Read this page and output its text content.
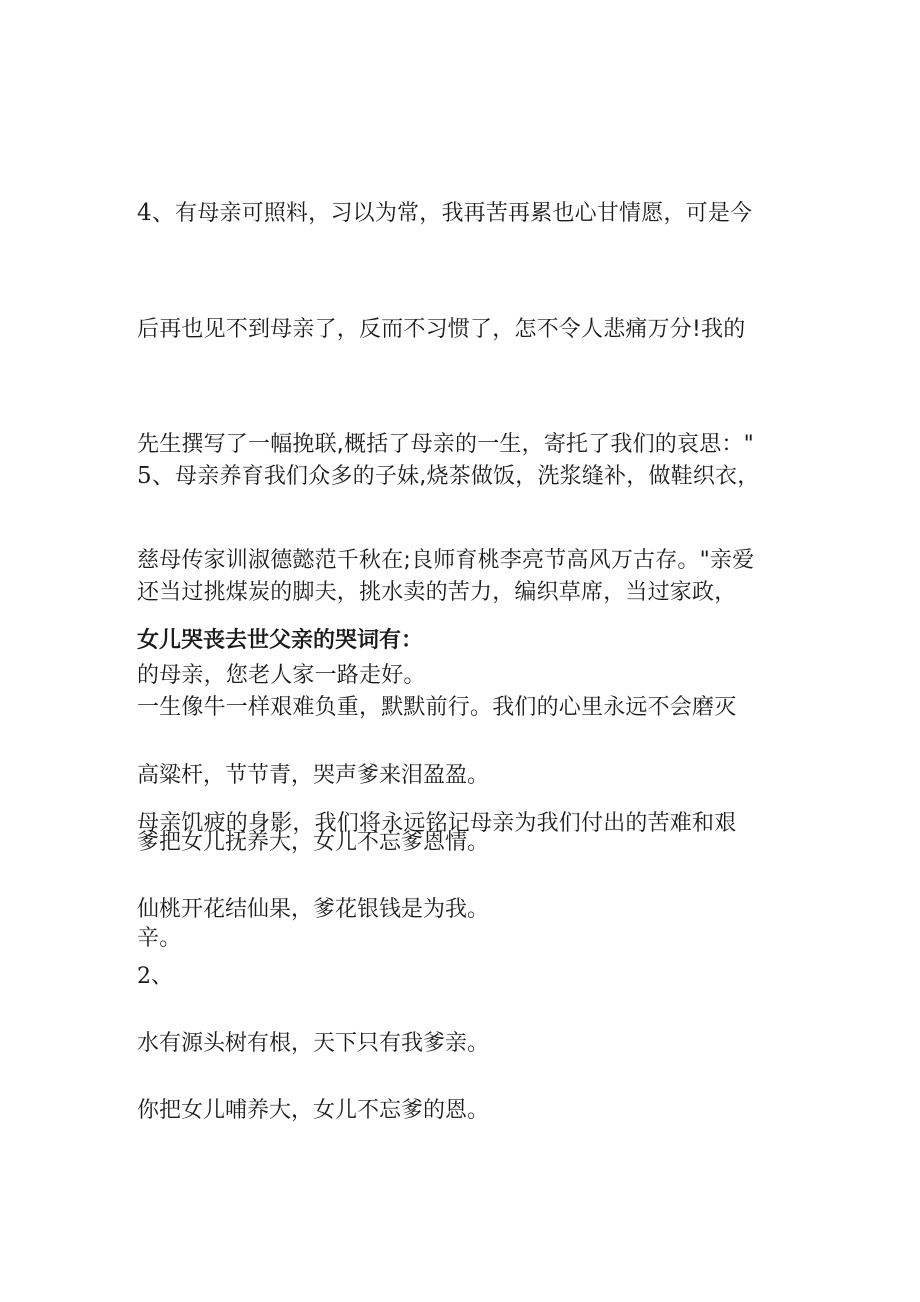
4、有母亲可照料，习以为常，我再苦再累也心甘情愿，可是今

后再也见不到母亲了，反而不习惯了，怎不令人悲痛万分!我的

先生撰写了一幅挽联,概括了母亲的一生，寄托了我们的哀思："

慈母传家训淑德懿范千秋在;良师育桃李亮节高风万古存。"亲爱

的母亲，您老人家一路走好。

5、母亲养育我们众多的子妹,烧茶做饭，洗浆缝补，做鞋织衣，

还当过挑煤炭的脚夫，挑水卖的苦力，编织草席，当过家政，

一生像牛一样艰难负重，默默前行。我们的心里永远不会磨灭

母亲饥疲的身影，我们将永远铭记母亲为我们付出的苦难和艰

辛。

女儿哭丧去世父亲的哭词有：
高粱杆，节节青，哭声爹来泪盈盈。
爹把女儿抚养大，女儿不忘爹恩情。
仙桃开花结仙果，爹花银钱是为我。
2、
水有源头树有根，天下只有我爹亲。
你把女儿哺养大，女儿不忘爹的恩。
